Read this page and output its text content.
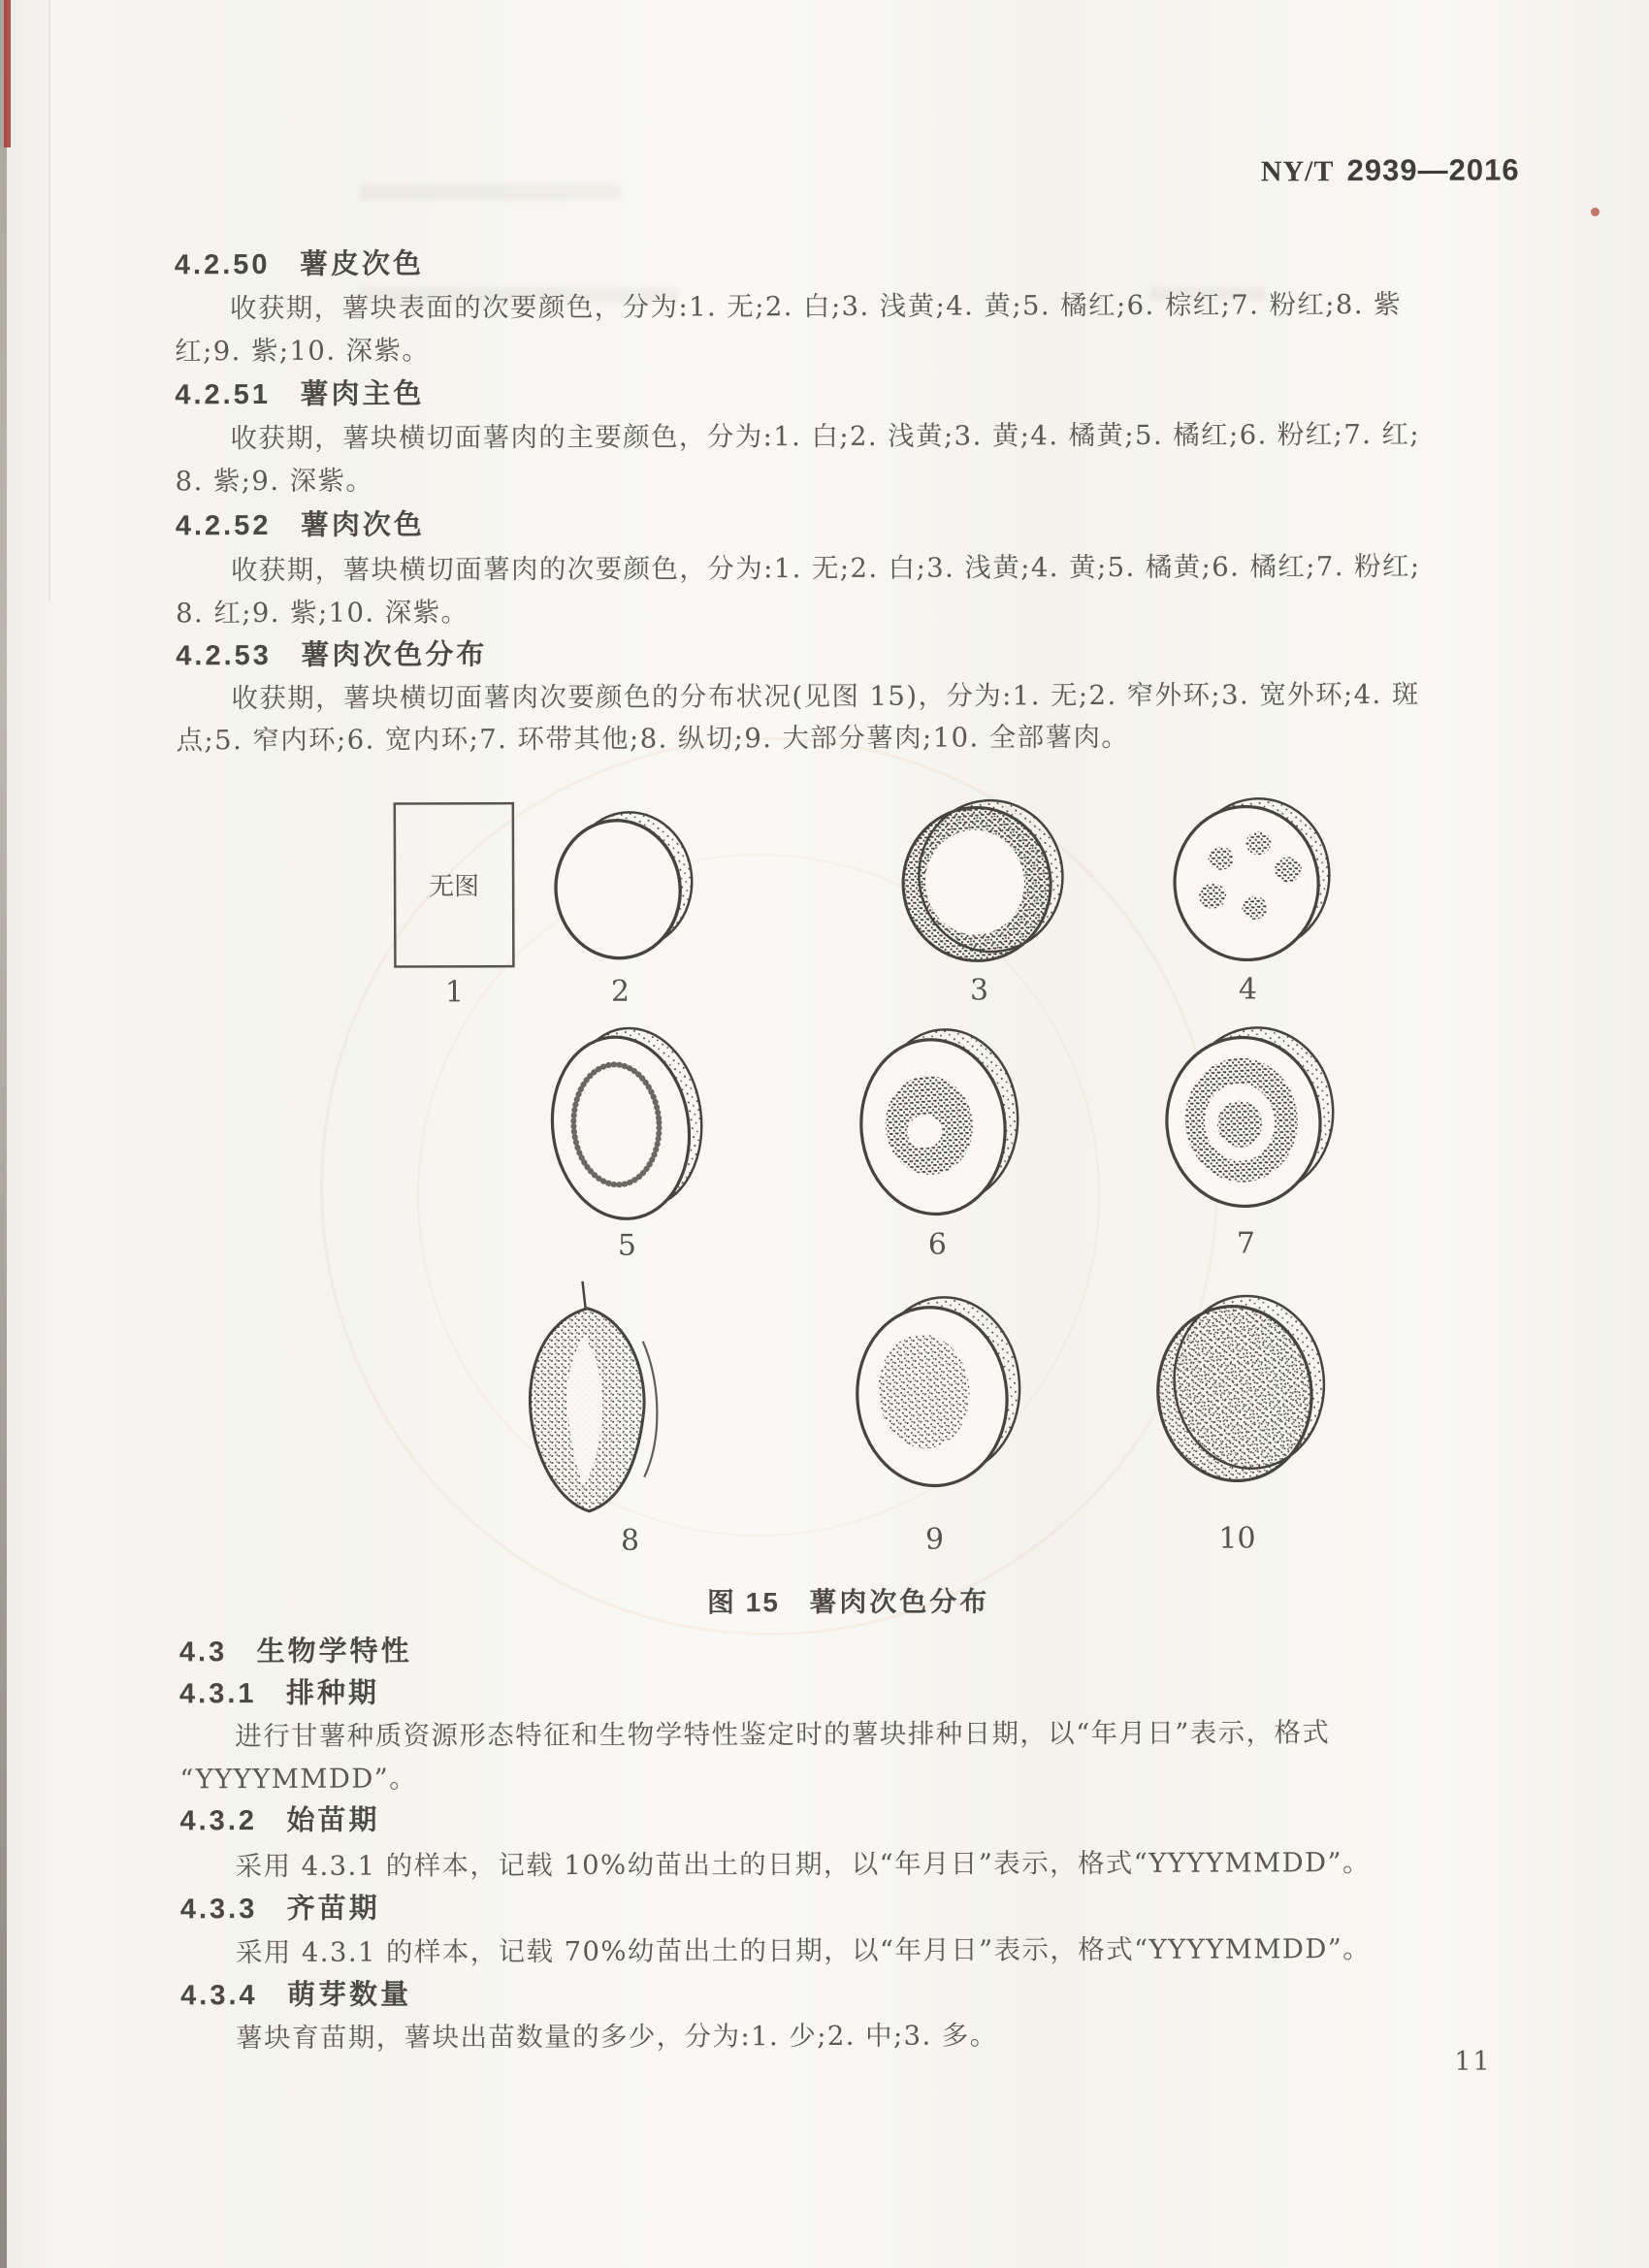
NY/T 2939—2016
4.2.50 薯皮次色
收获期，薯块表面的次要颜色，分为:1. 无;2. 白;3. 浅黄;4. 黄;5. 橘红;6. 棕红;7. 粉红;8. 紫
红;9. 紫;10. 深紫。
4.2.51 薯肉主色
收获期，薯块横切面薯肉的主要颜色，分为:1. 白;2. 浅黄;3. 黄;4. 橘黄;5. 橘红;6. 粉红;7. 红;
8. 紫;9. 深紫。
4.2.52 薯肉次色
收获期，薯块横切面薯肉的次要颜色，分为:1. 无;2. 白;3. 浅黄;4. 黄;5. 橘黄;6. 橘红;7. 粉红;
8. 红;9. 紫;10. 深紫。
4.2.53 薯肉次色分布
收获期，薯块横切面薯肉次要颜色的分布状况(见图 15)，分为:1. 无;2. 窄外环;3. 宽外环;4. 斑
点;5. 窄内环;6. 宽内环;7. 环带其他;8. 纵切;9. 大部分薯肉;10. 全部薯肉。
无图
1	2	3	4
5	6	7
8	9	10
图 15 薯肉次色分布
4.3 生物学特性
4.3.1 排种期
进行甘薯种质资源形态特征和生物学特性鉴定时的薯块排种日期，以“年月日”表示，格式
“YYYYMMDD”。
4.3.2 始苗期
采用 4.3.1 的样本，记载 10%幼苗出土的日期，以“年月日”表示，格式“YYYYMMDD”。
4.3.3 齐苗期
采用 4.3.1 的样本，记载 70%幼苗出土的日期，以“年月日”表示，格式“YYYYMMDD”。
4.3.4 萌芽数量
薯块育苗期，薯块出苗数量的多少，分为:1. 少;2. 中;3. 多。
11
